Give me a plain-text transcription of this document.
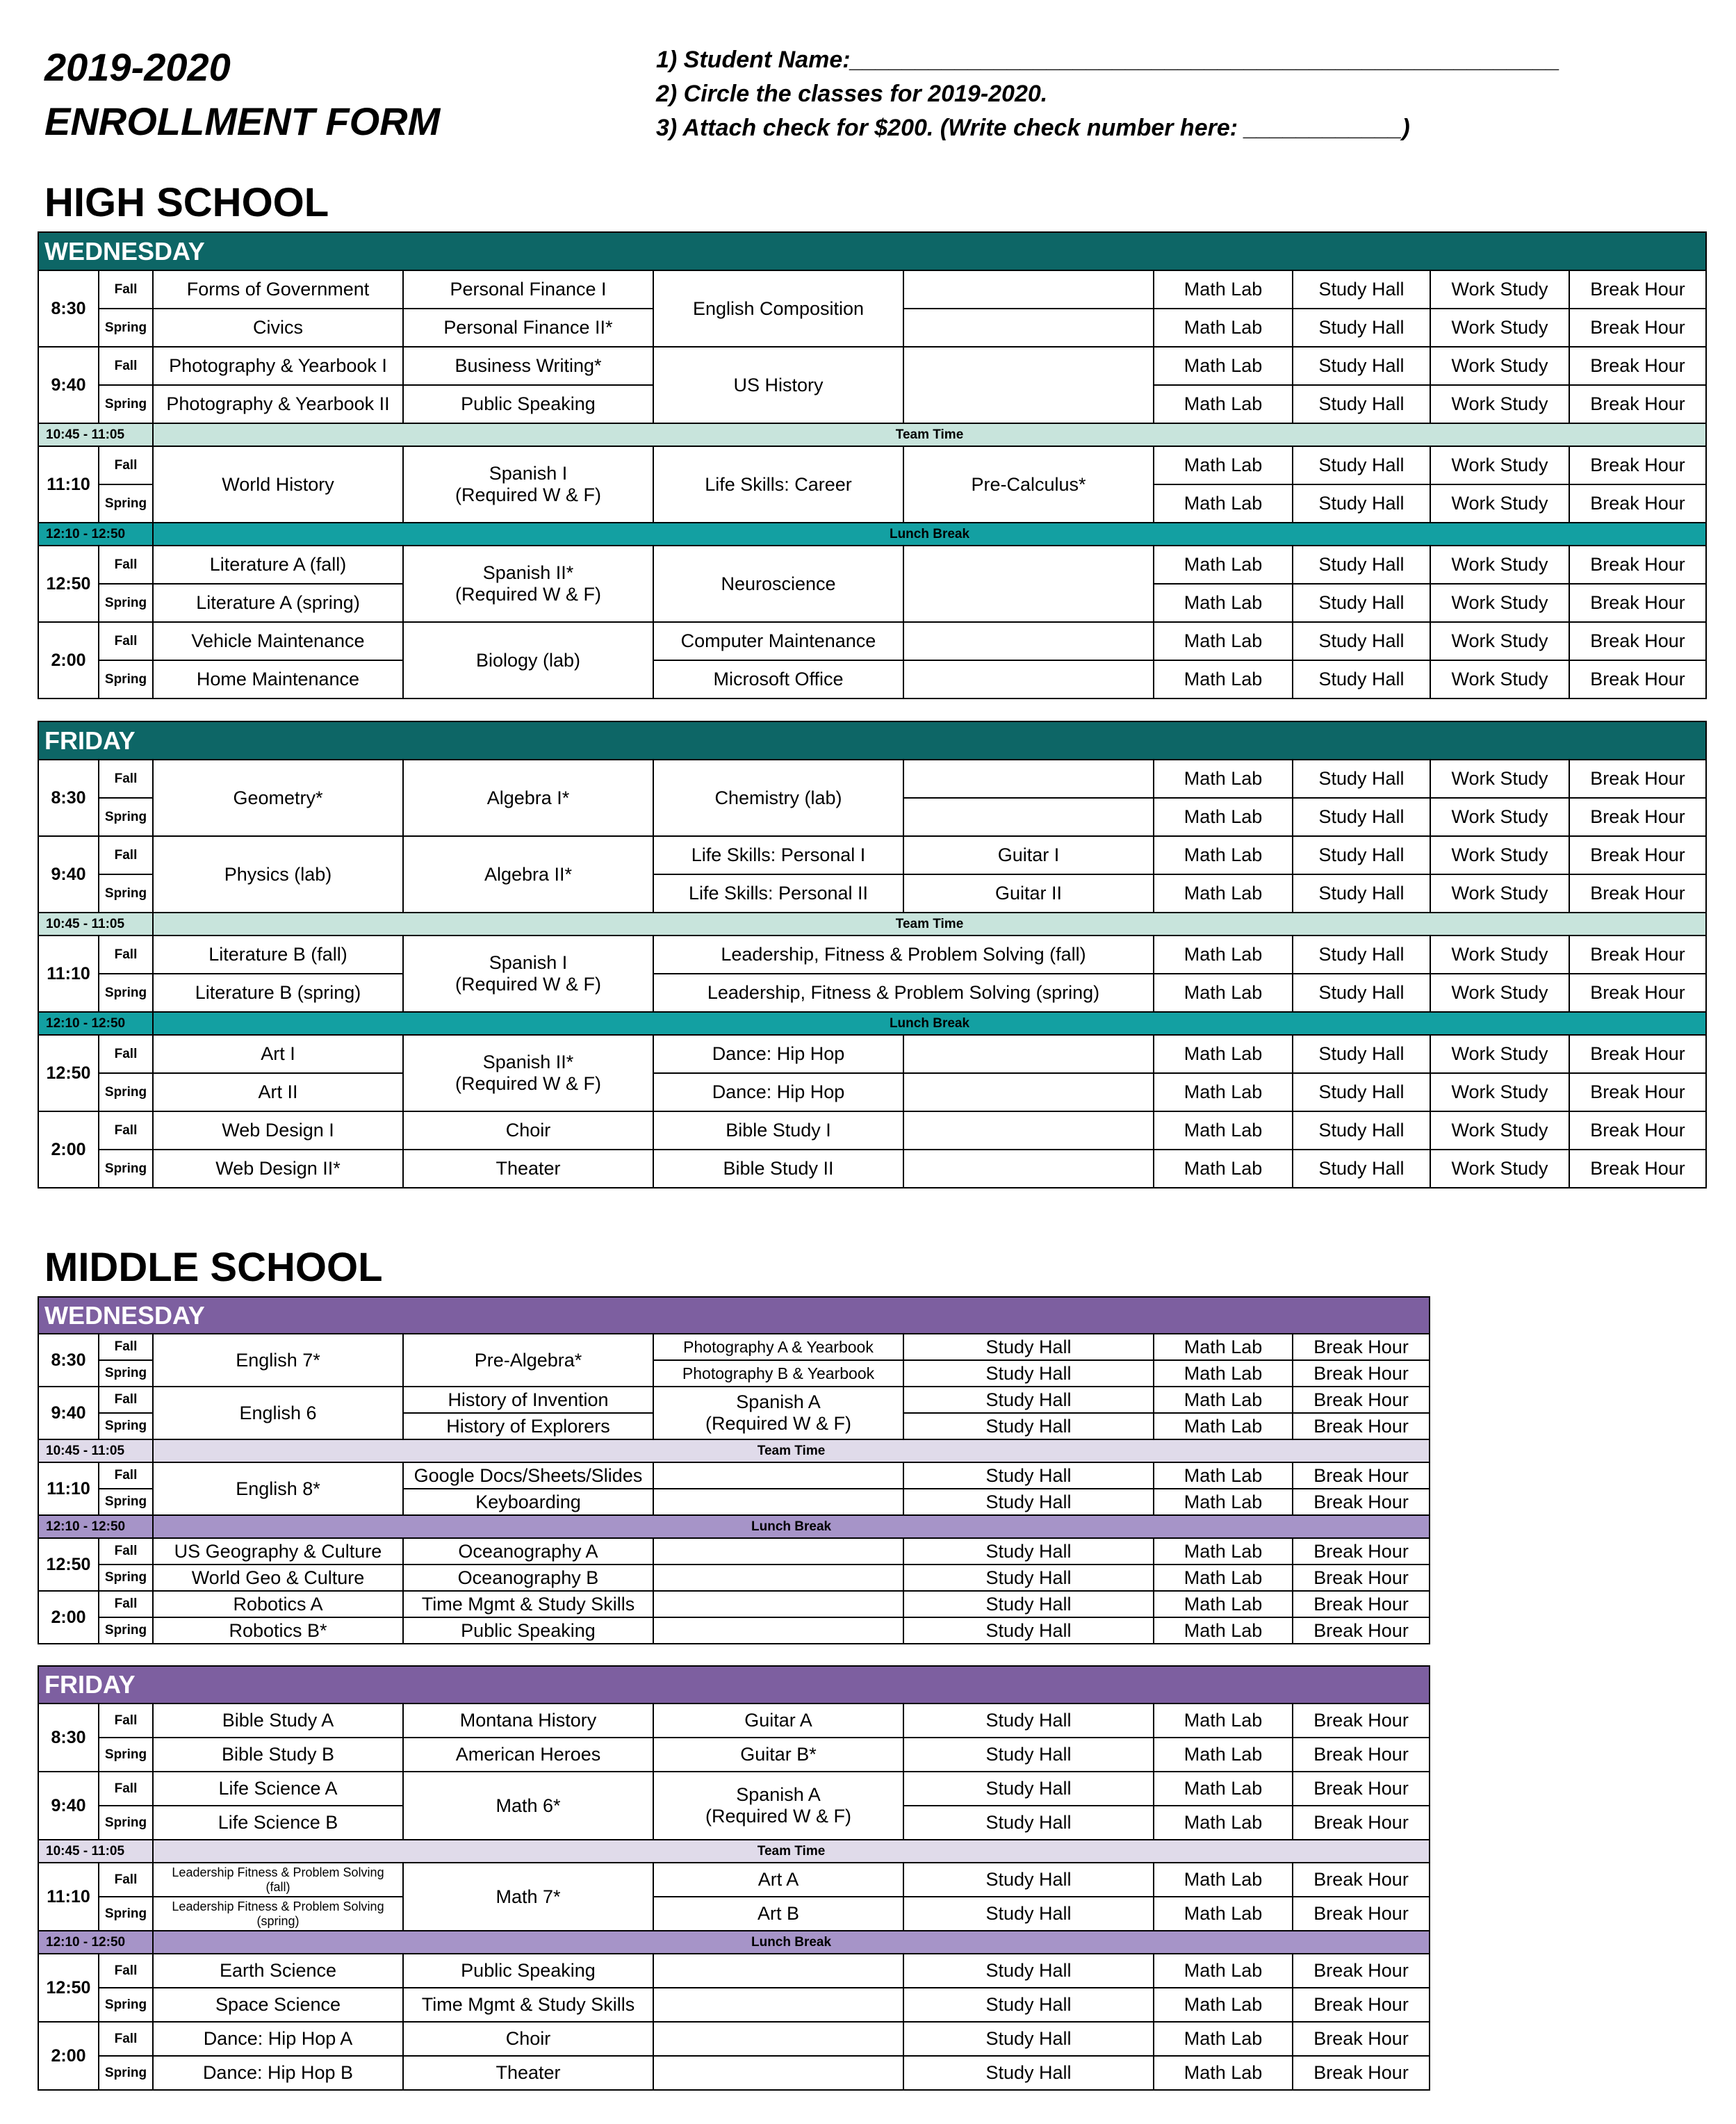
2019-2020
ENROLLMENT FORM
1) Student Name:______________________________________________________
2) Circle the classes for 2019-2020.
3) Attach check for $200. (Write check number here: ____________)
HIGH SCHOOL
WEDNESDAY									
8:30	Fall	Forms of Government	Personal Finance I	English Composition		Math Lab	Study Hall	Work Study	Break Hour
	Spring	Civics	Personal Finance II*			Math Lab	Study Hall	Work Study	Break Hour
9:40	Fall	Photography & Yearbook I	Business Writing*	US History		Math Lab	Study Hall	Work Study	Break Hour
	Spring	Photography & Yearbook II	Public Speaking			Math Lab	Study Hall	Work Study	Break Hour
10:45 - 11:05		Team Time							
11:10	Fall	World History	Spanish I
(Required W & F)	Life Skills: Career	Pre-Calculus*	Math Lab	Study Hall	Work Study	Break Hour
	Spring					Math Lab	Study Hall	Work Study	Break Hour
12:10 - 12:50		Lunch Break							
12:50	Fall	Literature A (fall)	Spanish II*
(Required W & F)	Neuroscience		Math Lab	Study Hall	Work Study	Break Hour
	Spring	Literature A (spring)				Math Lab	Study Hall	Work Study	Break Hour
2:00	Fall	Vehicle Maintenance	Biology (lab)	Computer Maintenance		Math Lab	Study Hall	Work Study	Break Hour
	Spring	Home Maintenance		Microsoft Office		Math Lab	Study Hall	Work Study	Break Hour
FRIDAY									
8:30	Fall	Geometry*	Algebra I*	Chemistry (lab)		Math Lab	Study Hall	Work Study	Break Hour
	Spring					Math Lab	Study Hall	Work Study	Break Hour
9:40	Fall	Physics (lab)	Algebra II*	Life Skills: Personal I	Guitar I	Math Lab	Study Hall	Work Study	Break Hour
	Spring			Life Skills: Personal II	Guitar II	Math Lab	Study Hall	Work Study	Break Hour
10:45 - 11:05		Team Time							
11:10	Fall	Literature B (fall)	Spanish I
(Required W & F)	Leadership, Fitness & Problem Solving (fall)		Math Lab	Study Hall	Work Study	Break Hour
	Spring	Literature B (spring)		Leadership, Fitness & Problem Solving (spring)		Math Lab	Study Hall	Work Study	Break Hour
12:10 - 12:50		Lunch Break							
12:50	Fall	Art I	Spanish II*
(Required W & F)	Dance: Hip Hop		Math Lab	Study Hall	Work Study	Break Hour
	Spring	Art II		Dance: Hip Hop		Math Lab	Study Hall	Work Study	Break Hour
2:00	Fall	Web Design I	Choir	Bible Study I		Math Lab	Study Hall	Work Study	Break Hour
	Spring	Web Design II*	Theater	Bible Study II		Math Lab	Study Hall	Work Study	Break Hour
MIDDLE SCHOOL
WEDNESDAY							
8:30	Fall	English 7*	Pre-Algebra*	Photography A & Yearbook	Study Hall	Math Lab	Break Hour
	Spring			Photography B & Yearbook	Study Hall	Math Lab	Break Hour
9:40	Fall	English 6	History of Invention	Spanish A
(Required W & F)	Study Hall	Math Lab	Break Hour
	Spring		History of Explorers		Study Hall	Math Lab	Break Hour
10:45 - 11:05		Team Time					
11:10	Fall	English 8*	Google Docs/Sheets/Slides		Study Hall	Math Lab	Break Hour
	Spring		Keyboarding		Study Hall	Math Lab	Break Hour
12:10 - 12:50		Lunch Break					
12:50	Fall	US Geography & Culture	Oceanography A		Study Hall	Math Lab	Break Hour
	Spring	World Geo & Culture	Oceanography B		Study Hall	Math Lab	Break Hour
2:00	Fall	Robotics A	Time Mgmt & Study Skills		Study Hall	Math Lab	Break Hour
	Spring	Robotics B*	Public Speaking		Study Hall	Math Lab	Break Hour
FRIDAY							
8:30	Fall	Bible Study A	Montana History	Guitar A	Study Hall	Math Lab	Break Hour
	Spring	Bible Study B	American Heroes	Guitar B*	Study Hall	Math Lab	Break Hour
9:40	Fall	Life Science A	Math 6*	Spanish A
(Required W & F)	Study Hall	Math Lab	Break Hour
	Spring	Life Science B			Study Hall	Math Lab	Break Hour
10:45 - 11:05		Team Time					
11:10	Fall	Leadership Fitness & Problem Solving
(fall)	Math 7*	Art A	Study Hall	Math Lab	Break Hour
	Spring	Leadership Fitness & Problem Solving
(spring)		Art B	Study Hall	Math Lab	Break Hour
12:10 - 12:50		Lunch Break					
12:50	Fall	Earth Science	Public Speaking		Study Hall	Math Lab	Break Hour
	Spring	Space Science	Time Mgmt & Study Skills		Study Hall	Math Lab	Break Hour
2:00	Fall	Dance: Hip Hop A	Choir		Study Hall	Math Lab	Break Hour
	Spring	Dance: Hip Hop B	Theater		Study Hall	Math Lab	Break Hour
